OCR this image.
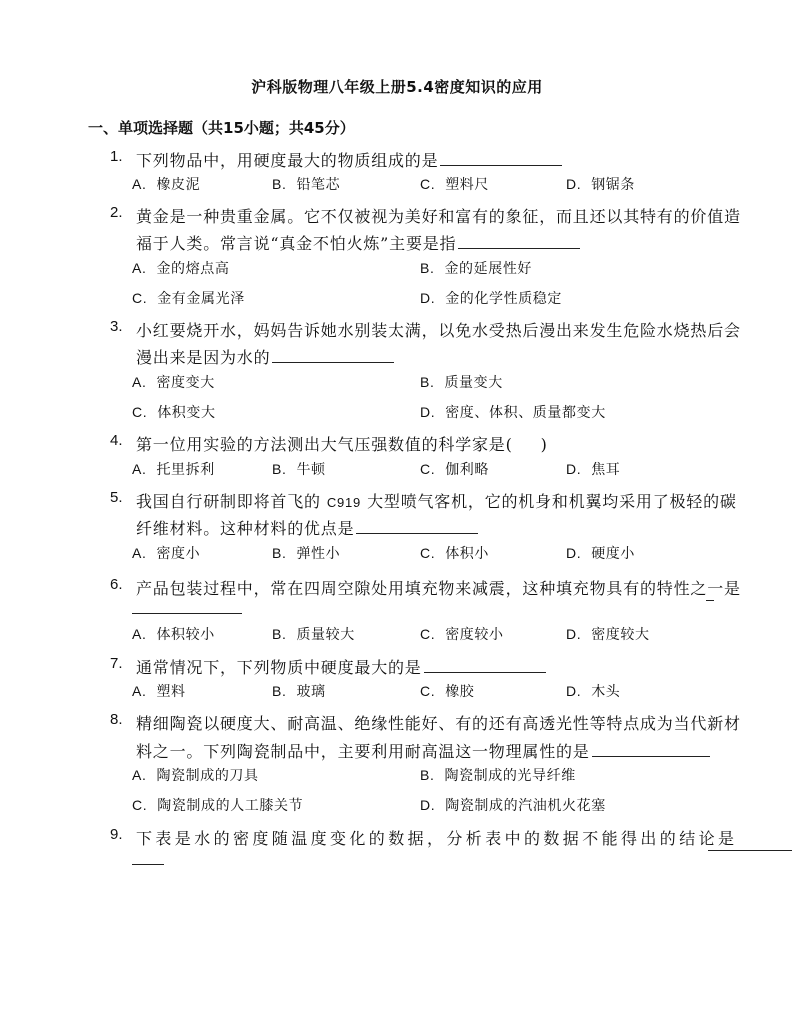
沪科版物理八年级上册5.4密度知识的应用
一、单项选择题（共15小题；共45分）
1. 下列物品中，用硬度最大的物质组成的是
A. 橡皮泥	B. 铅笔芯	C. 塑料尺	D. 钢锯条
2. 黄金是一种贵重金属。它不仅被视为美好和富有的象征，而且还以其特有的价值造
福于人类。常言说“真金不怕火炼”主要是指
A. 金的熔点高	B. 金的延展性好
C. 金有金属光泽	D. 金的化学性质稳定
3. 小红要烧开水，妈妈告诉她水别装太满，以免水受热后漫出来发生危险水烧热后会
漫出来是因为水的
A. 密度变大	B. 质量变大
C. 体积变大	D. 密度、体积、质量都变大
4. 第一位用实验的方法测出大气压强数值的科学家是( )
A. 托里拆利	B. 牛顿	C. 伽利略	D. 焦耳
5. 我国自行研制即将首飞的 C919 大型喷气客机，它的机身和机翼均采用了极轻的碳
纤维材料。这种材料的优点是
A. 密度小	B. 弹性小	C. 体积小	D. 硬度小
6. 产品包装过程中，常在四周空隙处用填充物来减震，这种填充物具有的特性之一是
A. 体积较小	B. 质量较大	C. 密度较小	D. 密度较大
7. 通常情况下，下列物质中硬度最大的是
A. 塑料	B. 玻璃	C. 橡胶	D. 木头
8. 精细陶瓷以硬度大、耐高温、绝缘性能好、有的还有高透光性等特点成为当代新材
料之一。下列陶瓷制品中，主要利用耐高温这一物理属性的是
A. 陶瓷制成的刀具	B. 陶瓷制成的光导纤维
C. 陶瓷制成的人工膝关节	D. 陶瓷制成的汽油机火花塞
9. 下表是水的密度随温度变化的数据，分析表中的数据不能得出的结论是
